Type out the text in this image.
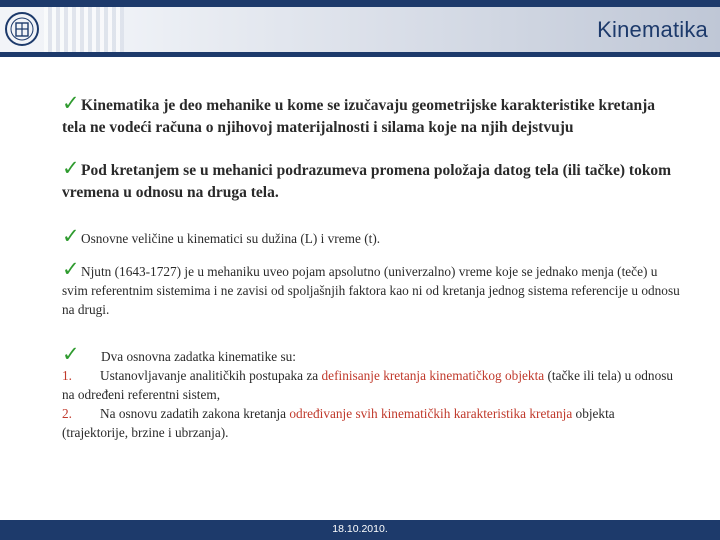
Kinematika

✓Kinematika je deo mehanike u kome se izučavaju geometrijske karakteristike kretanja tela ne vodeći računa o njihovoj materijalnosti i silama koje na njih dejstvuju

✓Pod kretanjem se u mehanici podrazumeva promena položaja datog tela (ili tačke) tokom vremena u odnosu na druga tela.

✓Osnovne veličine u kinematici su dužina (L) i vreme (t).

✓Njutn (1643-1727) je u mehaniku uveo pojam apsolutno (univerzalno) vreme koje se jednako menja (teče) u svim referentnim sistemima i ne zavisi od spoljašnjih faktora kao ni od kretanja jednog sistema referencije u odnosu na drugi.

✓ Dva osnovna zadatka kinematike su:

1. Ustanovljavanje analitičkih postupaka za definisanje kretanja kinematičkog objekta (tačke ili tela) u odnosu na određeni referentni sistem,

2. Na osnovu zadatih zakona kretanja određivanje svih kinematičkih karakteristika kretanja objekta (trajektorije, brzine i ubrzanja).

18.10.2010.
